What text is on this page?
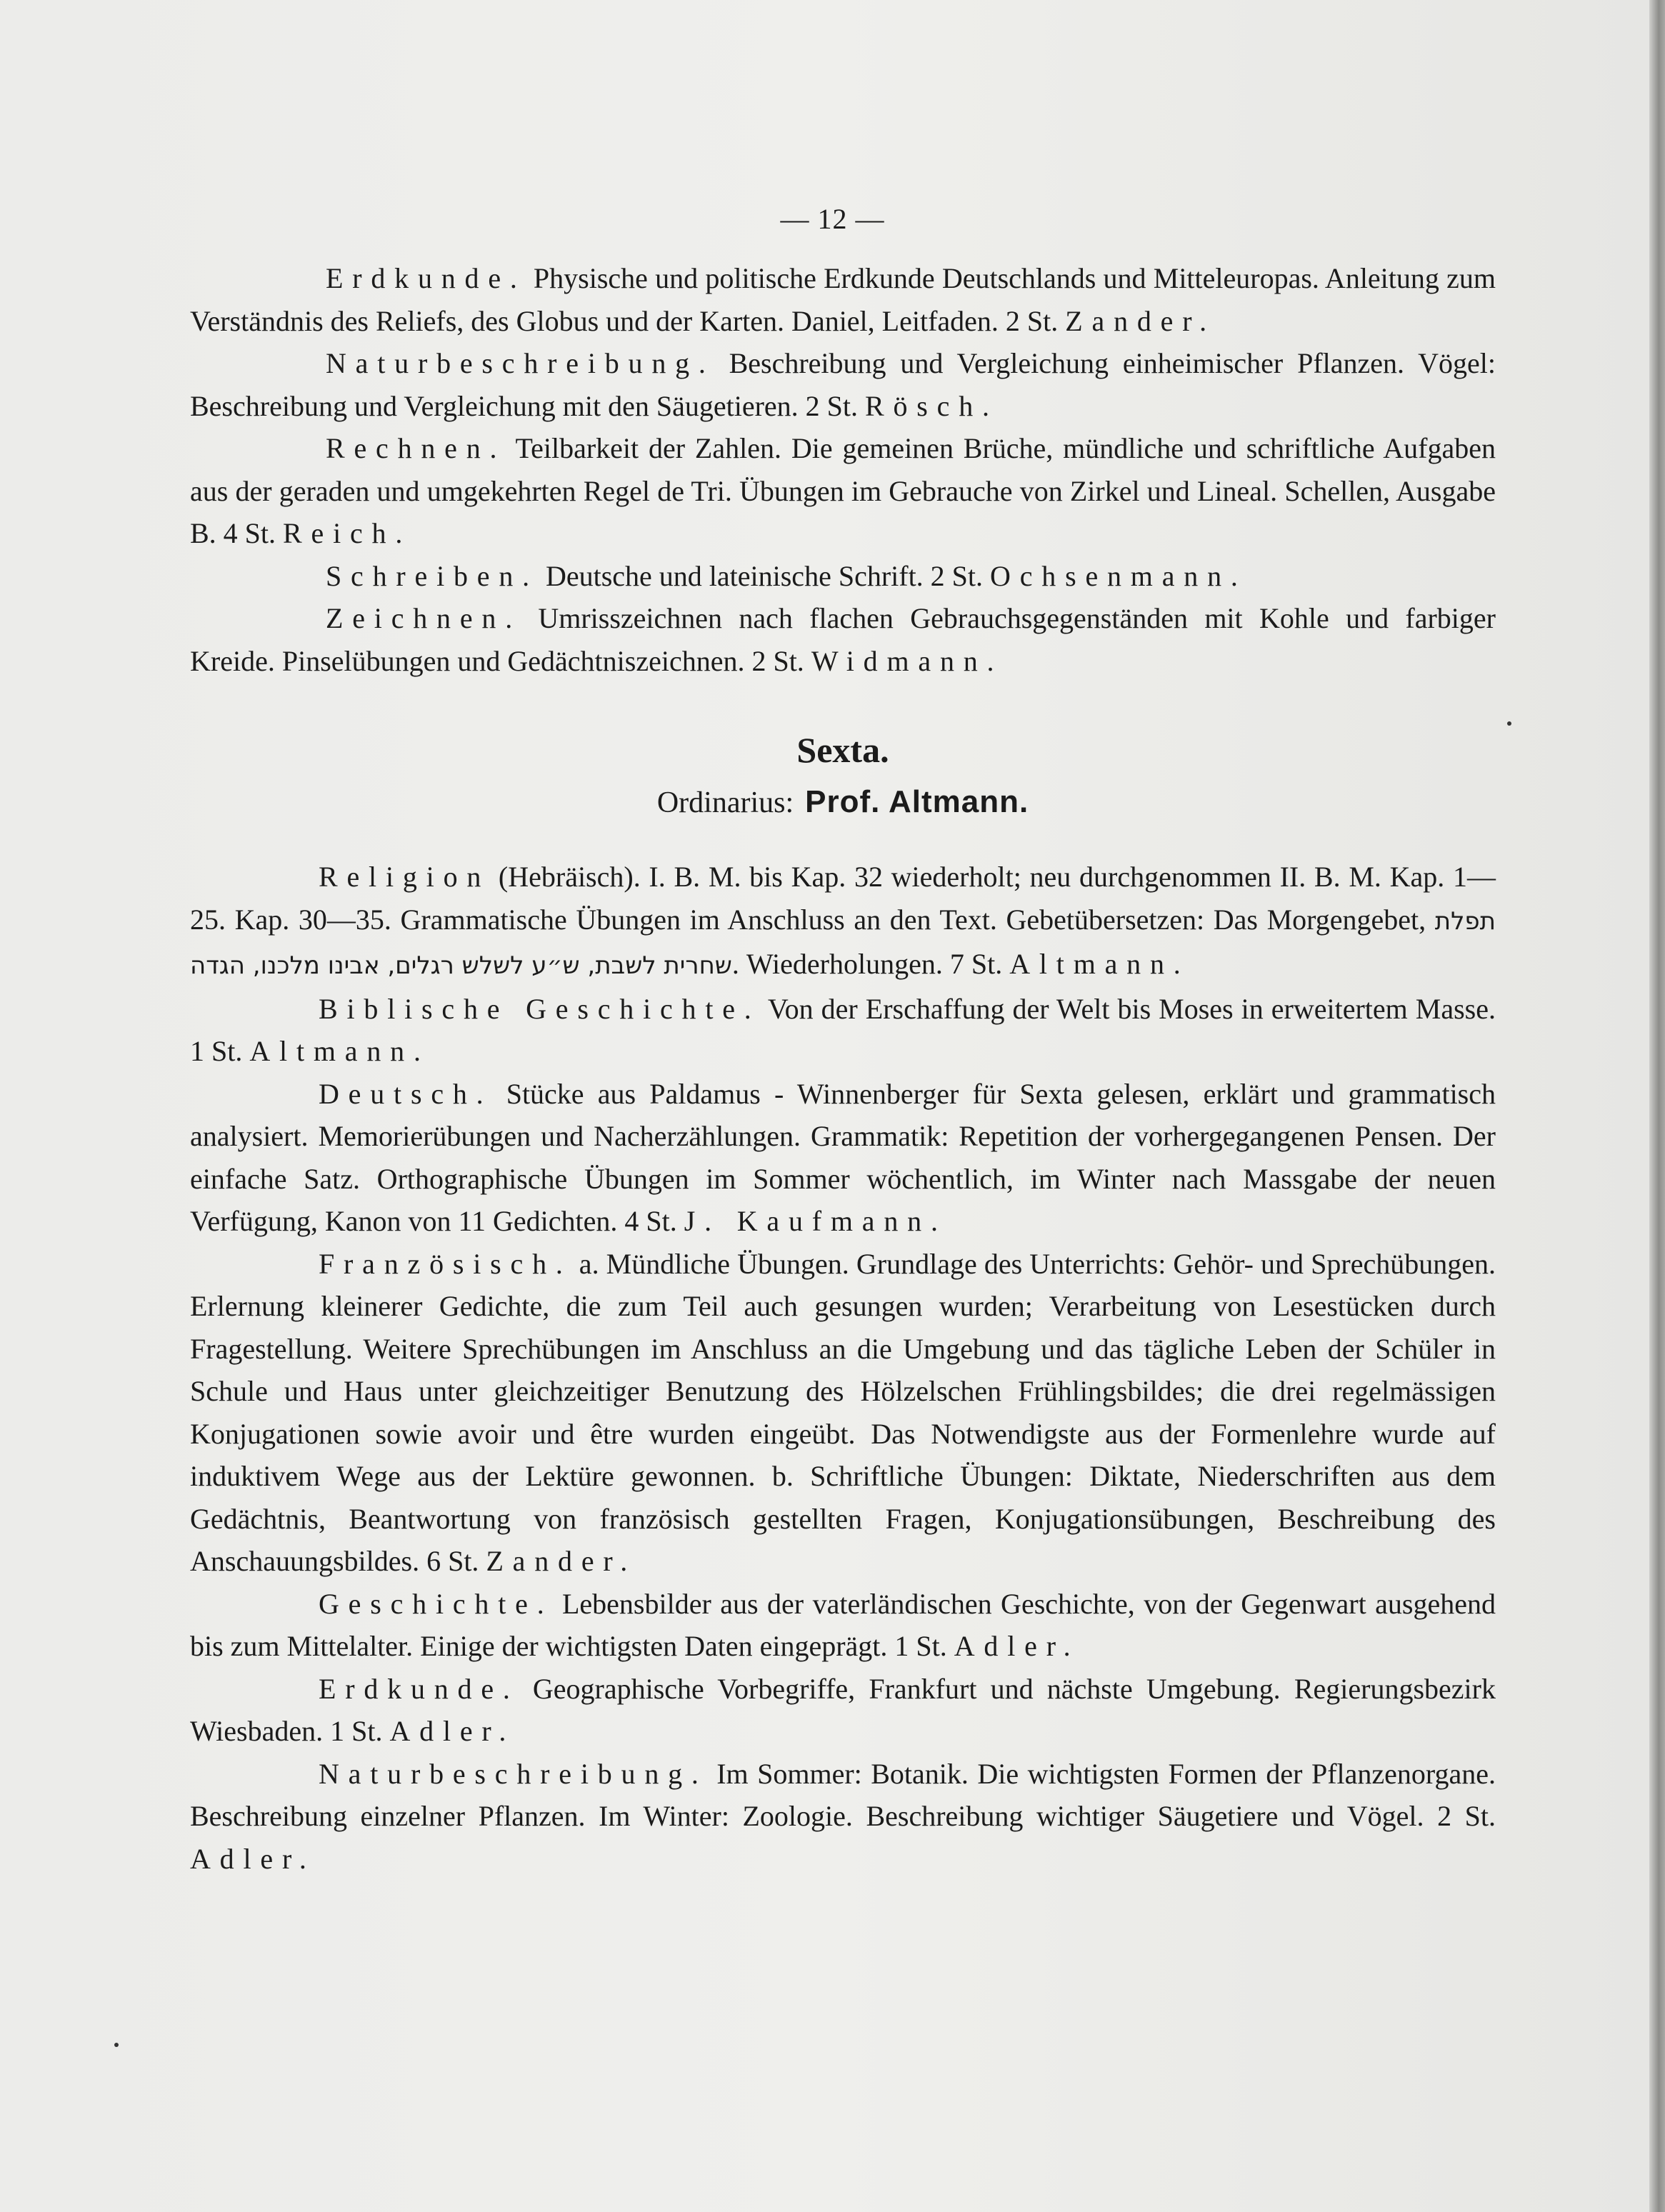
— 12 —

Erdkunde. Physische und politische Erdkunde Deutschlands und Mitteleuropas. Anleitung zum Verständnis des Reliefs, des Globus und der Karten. Daniel, Leitfaden. 2 St. Zander.

Naturbeschreibung. Beschreibung und Vergleichung einheimischer Pflanzen. Vögel: Beschreibung und Vergleichung mit den Säugetieren. 2 St. Rösch.

Rechnen. Teilbarkeit der Zahlen. Die gemeinen Brüche, mündliche und schriftliche Aufgaben aus der geraden und umgekehrten Regel de Tri. Übungen im Gebrauche von Zirkel und Lineal. Schellen, Ausgabe B. 4 St. Reich.

Schreiben. Deutsche und lateinische Schrift. 2 St. Ochsenmann.

Zeichnen. Umrisszeichnen nach flachen Gebrauchsgegenständen mit Kohle und farbiger Kreide. Pinselübungen und Gedächtniszeichnen. 2 St. Widmann.

Sexta.
Ordinarius: Prof. Altmann.

Religion (Hebräisch). I. B. M. bis Kap. 32 wiederholt; neu durchgenommen II. B. M. Kap. 1—25. Kap. 30—35. Grammatische Übungen im Anschluss an den Text. Gebetübersetzen: Das Morgengebet, תפלת שחרית לשבת, ש״ע לשלש רגלים, אבינו מלכנו, הגדה. Wiederholungen. 7 St. Altmann.

Biblische Geschichte. Von der Erschaffung der Welt bis Moses in erweitertem Masse. 1 St. Altmann.

Deutsch. Stücke aus Paldamus - Winnenberger für Sexta gelesen, erklärt und grammatisch analysiert. Memorierübungen und Nacherzählungen. Grammatik: Repetition der vorhergegangenen Pensen. Der einfache Satz. Orthographische Übungen im Sommer wöchentlich, im Winter nach Massgabe der neuen Verfügung, Kanon von 11 Gedichten. 4 St. J. Kaufmann.

Französisch. a. Mündliche Übungen. Grundlage des Unterrichts: Gehör- und Sprechübungen. Erlernung kleinerer Gedichte, die zum Teil auch gesungen wurden; Verarbeitung von Lesestücken durch Fragestellung. Weitere Sprechübungen im Anschluss an die Umgebung und das tägliche Leben der Schüler in Schule und Haus unter gleichzeitiger Benutzung des Hölzelschen Frühlingsbildes; die drei regelmässigen Konjugationen sowie avoir und être wurden eingeübt. Das Notwendigste aus der Formenlehre wurde auf induktivem Wege aus der Lektüre gewonnen. b. Schriftliche Übungen: Diktate, Niederschriften aus dem Gedächtnis, Beantwortung von französisch gestellten Fragen, Konjugationsübungen, Beschreibung des Anschauungsbildes. 6 St. Zander.

Geschichte. Lebensbilder aus der vaterländischen Geschichte, von der Gegenwart ausgehend bis zum Mittelalter. Einige der wichtigsten Daten eingeprägt. 1 St. Adler.

Erdkunde. Geographische Vorbegriffe, Frankfurt und nächste Umgebung. Regierungsbezirk Wiesbaden. 1 St. Adler.

Naturbeschreibung. Im Sommer: Botanik. Die wichtigsten Formen der Pflanzenorgane. Beschreibung einzelner Pflanzen. Im Winter: Zoologie. Beschreibung wichtiger Säugetiere und Vögel. 2 St. Adler.
